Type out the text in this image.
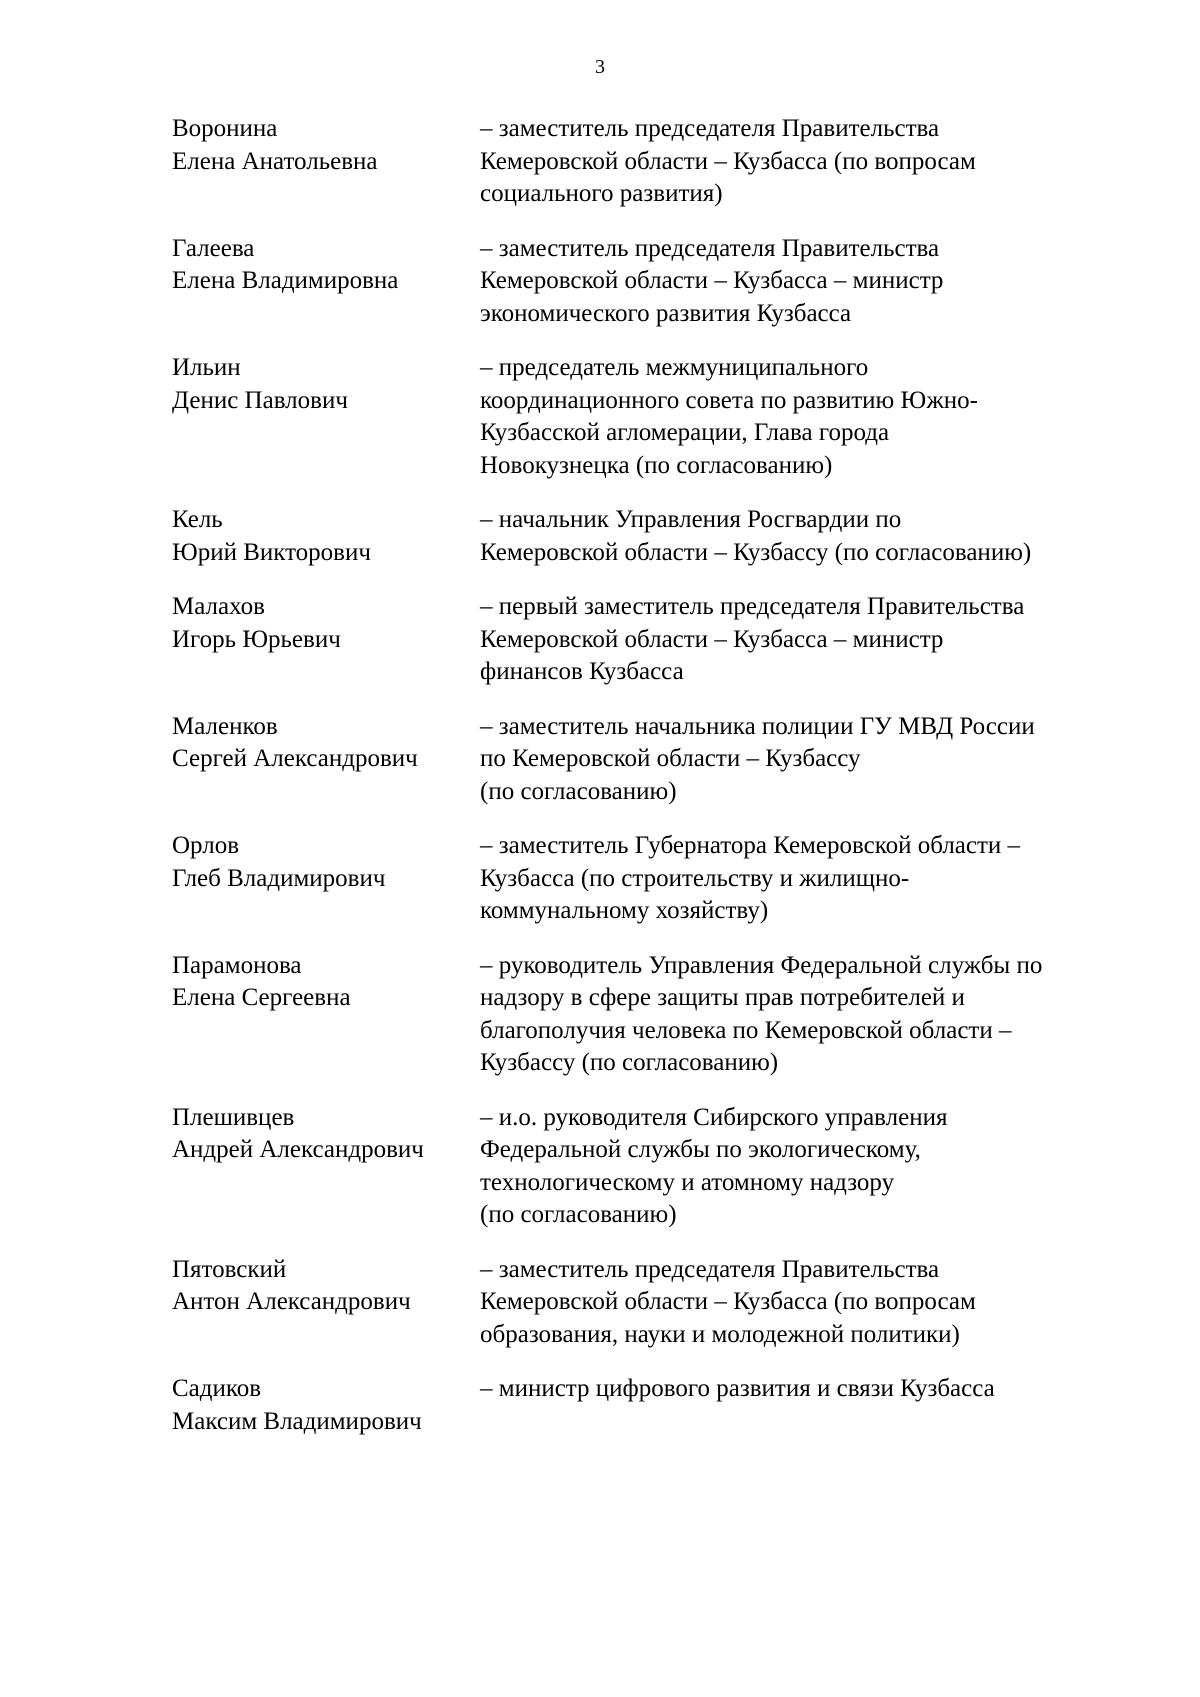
3
Воронина
Елена Анатольевна
– заместитель председателя Правительства
Кемеровской области – Кузбасса (по вопросам
социального развития)
Галеева
Елена Владимировна
– заместитель председателя Правительства
Кемеровской области – Кузбасса – министр
экономического развития Кузбасса
Ильин
Денис Павлович
– председатель межмуниципального
координационного совета по развитию Южно-
Кузбасской агломерации, Глава города
Новокузнецка (по согласованию)
Кель
Юрий Викторович
– начальник Управления Росгвардии по
Кемеровской области – Кузбассу (по согласованию)
Малахов
Игорь Юрьевич
– первый заместитель председателя Правительства
Кемеровской области – Кузбасса – министр
финансов Кузбасса
Маленков
Сергей Александрович
– заместитель начальника полиции ГУ МВД России
по Кемеровской области – Кузбассу
(по согласованию)
Орлов
Глеб Владимирович
– заместитель Губернатора Кемеровской области –
Кузбасса (по строительству и жилищно-
коммунальному хозяйству)
Парамонова
Елена Сергеевна
– руководитель Управления Федеральной службы по
надзору в сфере защиты прав потребителей и
благополучия человека по Кемеровской области –
Кузбассу (по согласованию)
Плешивцев
Андрей Александрович
– и.о. руководителя Сибирского управления
Федеральной службы по экологическому,
технологическому и атомному надзору
(по согласованию)
Пятовский
Антон Александрович
– заместитель председателя Правительства
Кемеровской области – Кузбасса (по вопросам
образования, науки и молодежной политики)
Садиков
Максим Владимирович
– министр цифрового развития и связи Кузбасса
